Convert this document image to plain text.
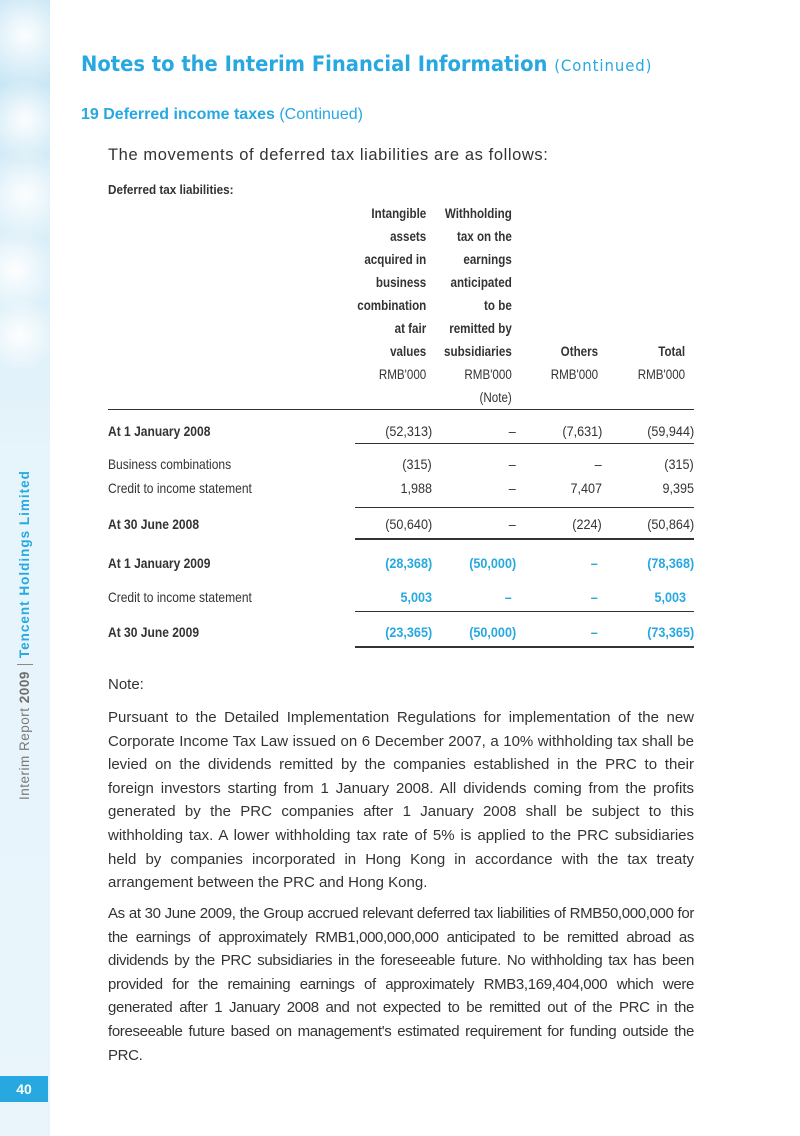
Interim Report 2009Tencent Holdings Limited
40
Notes to the Interim Financial Information (Continued)
19 Deferred income taxes (Continued)
The movements of deferred tax liabilities are as follows:
Deferred tax liabilities:
Intangible
assets
acquired in
business
combination
at fair
values
RMB'000
Withholding
tax on the
earnings
anticipated
to be
remitted by
subsidiaries
RMB'000
(Note)
Others
RMB'000
Total
RMB'000
At 1 January 2008	(52,313)	–	(7,631)	(59,944)
Business combinations	(315)	–	–	(315)
Credit to income statement	1,988	–	7,407	9,395
At 30 June 2008	(50,640)	–	(224)	(50,864)
At 1 January 2009	(28,368)	(50,000)	–	(78,368)
Credit to income statement	5,003	–	–	5,003
At 30 June 2009	(23,365)	(50,000)	–	(73,365)
Note:
Pursuant to the Detailed Implementation Regulations for implementation of the new Corporate Income Tax Law issued on 6 December 2007, a 10% withholding tax shall be levied on the dividends remitted by the companies established in the PRC to their foreign investors starting from 1 January 2008. All dividends coming from the profits generated by the PRC companies after 1 January 2008 shall be subject to this withholding tax. A lower withholding tax rate of 5% is applied to the PRC subsidiaries held by companies incorporated in Hong Kong in accordance with the tax treaty arrangement between the PRC and Hong Kong.
As at 30 June 2009, the Group accrued relevant deferred tax liabilities of RMB50,000,000 for the earnings of approximately RMB1,000,000,000 anticipated to be remitted abroad as dividends by the PRC subsidiaries in the foreseeable future. No withholding tax has been provided for the remaining earnings of approximately RMB3,169,404,000 which were generated after 1 January 2008 and not expected to be remitted out of the PRC in the foreseeable future based on management's estimated requirement for funding outside the PRC.
